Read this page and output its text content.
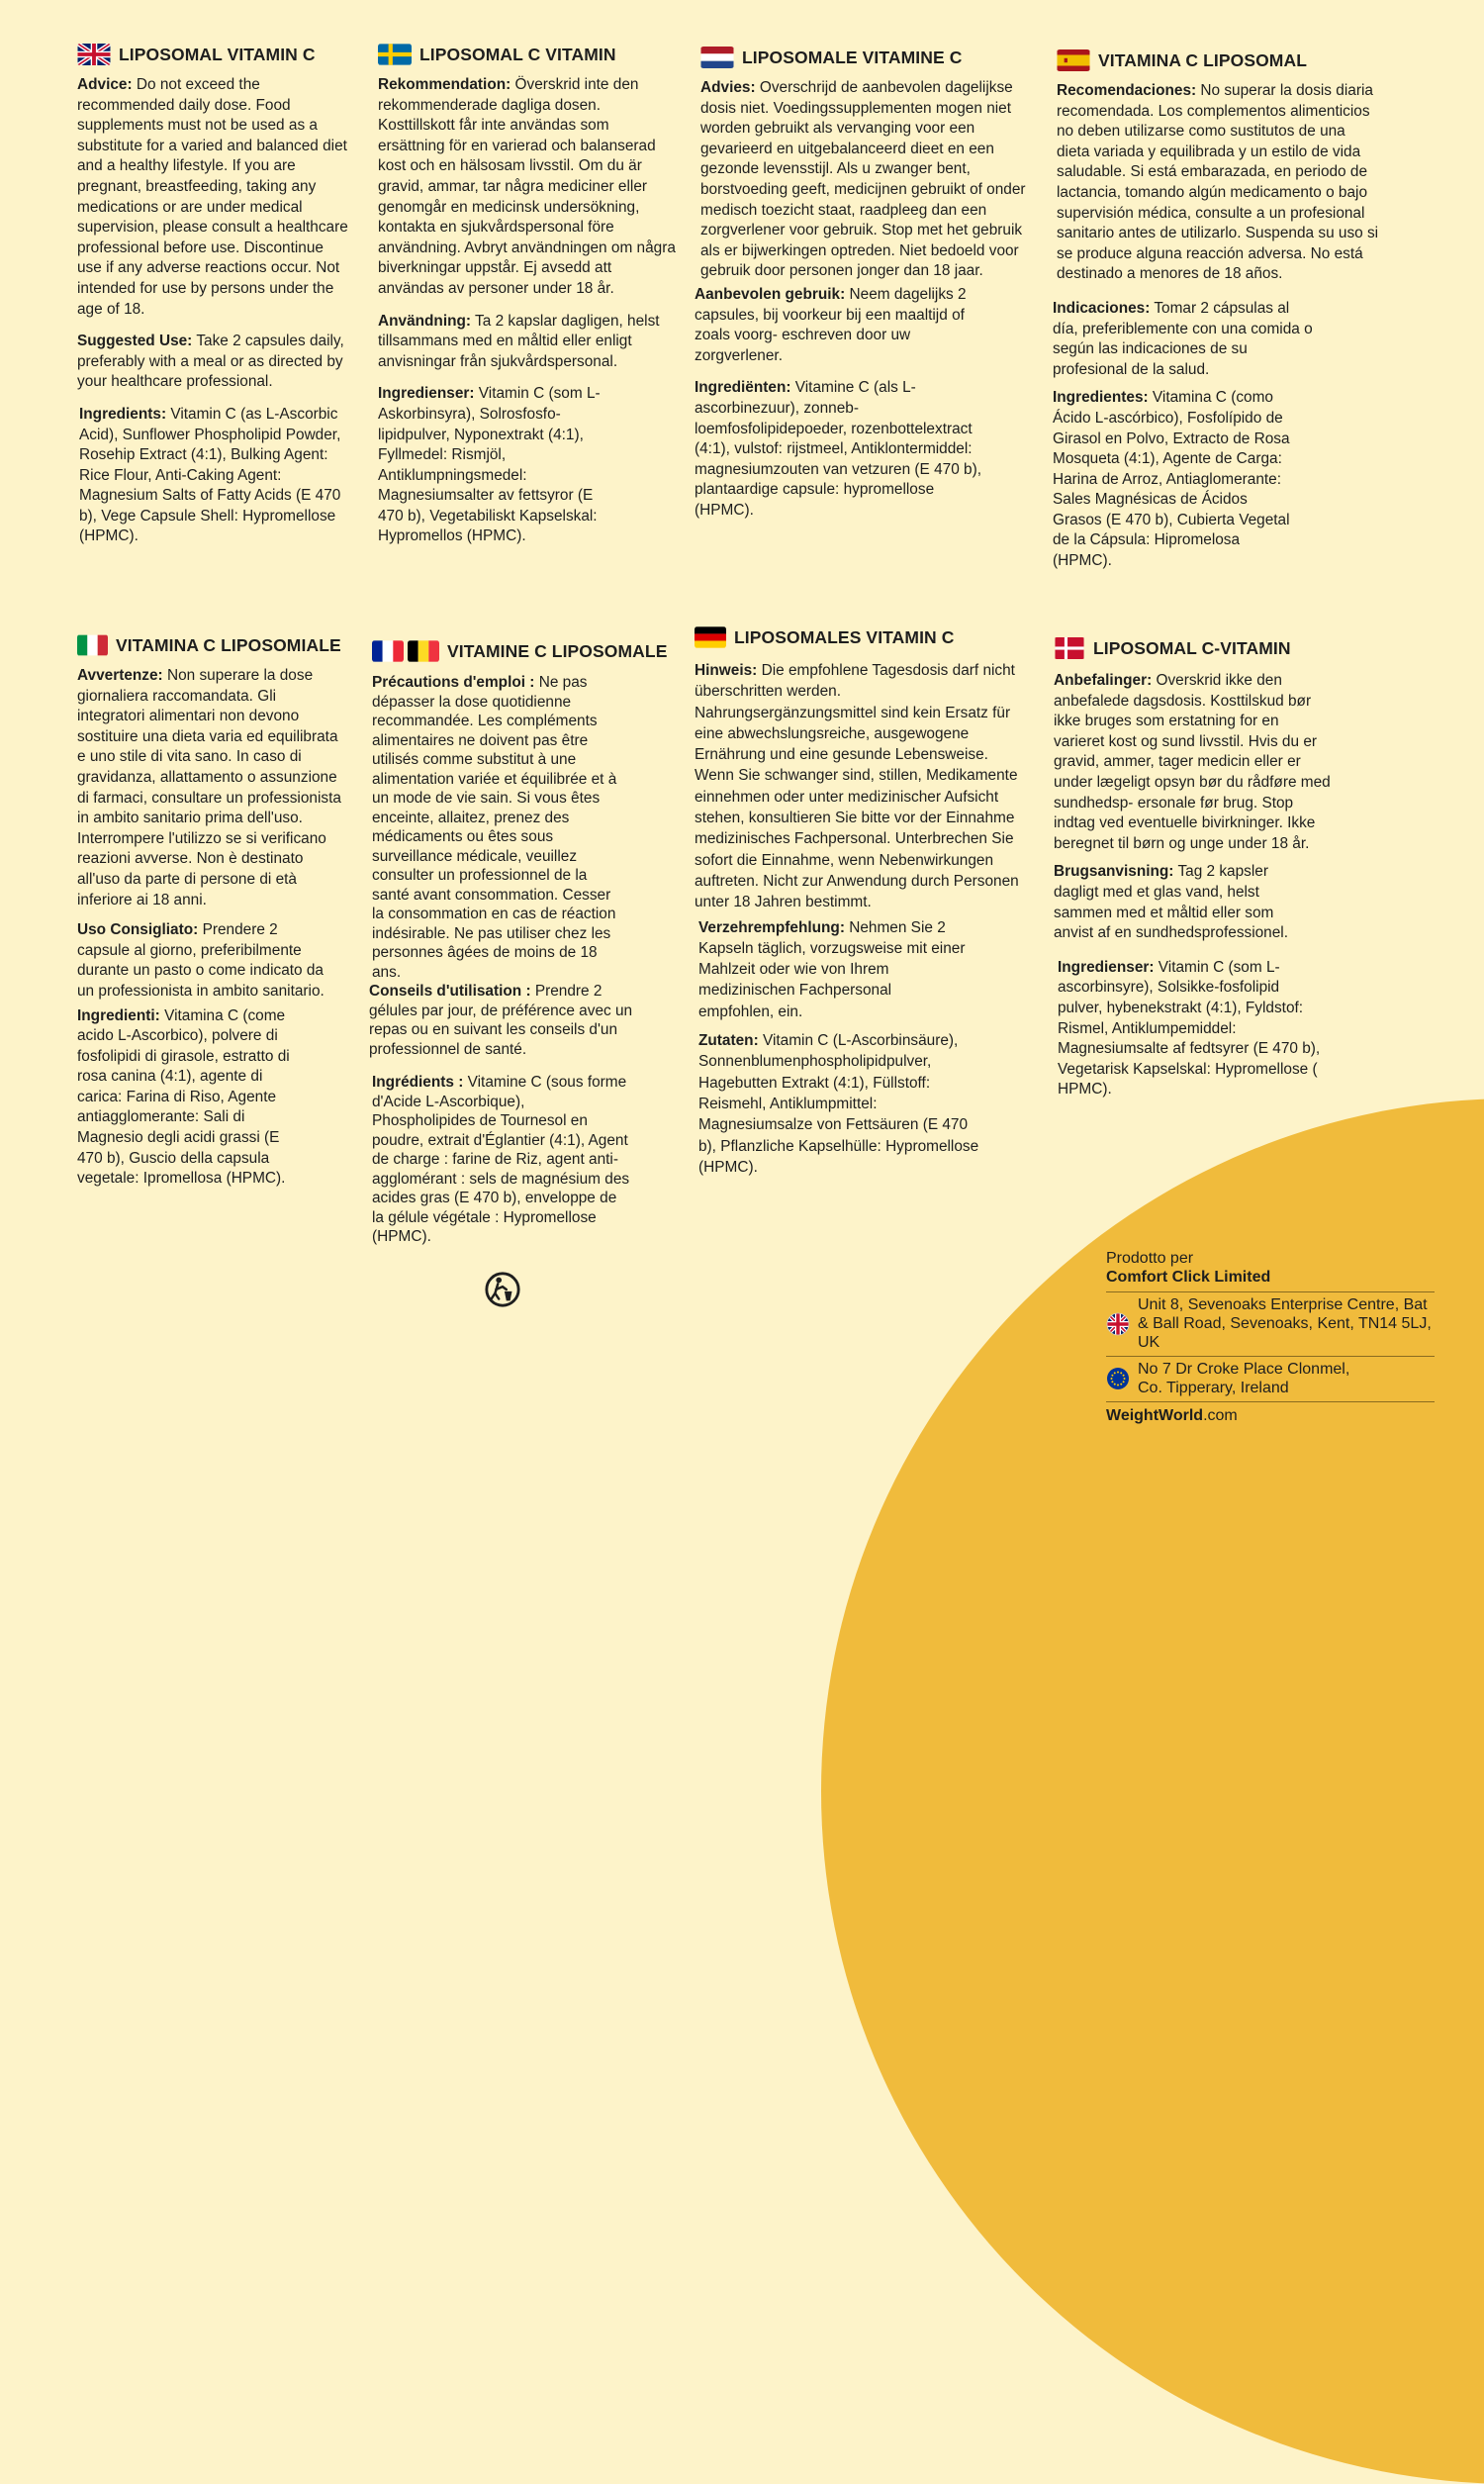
LIPOSOMAL VITAMIN C

Advice: Do not exceed the recommended daily dose. Food supplements must not be used as a substitute for a varied and balanced diet and a healthy lifestyle. If you are pregnant, breastfeeding, taking any medications or are under medical supervision, please consult a healthcare professional before use. Discontinue use if any adverse reactions occur. Not intended for use by persons under the age of 18.

Suggested Use: Take 2 capsules daily, preferably with a meal or as directed by your healthcare professional.

Ingredients: Vitamin C (as L-Ascorbic Acid), Sunflower Phospholipid Powder, Rosehip Extract (4:1), Bulking Agent: Rice Flour, Anti-Caking Agent: Magnesium Salts of Fatty Acids (E 470 b), Vege Capsule Shell: Hypromellose (HPMC).

LIPOSOMAL C VITAMIN

Rekommendation: Överskrid inte den rekommenderade dagliga dosen. Kosttillskott får inte användas som ersättning för en varierad och balanserad kost och en hälsosam livsstil. Om du är gravid, ammar, tar några mediciner eller genomgår en medicinsk undersökning, kontakta en sjukvårdspersonal före användning. Avbryt användningen om några biverkningar uppstår. Ej avsedd att användas av personer under 18 år.

Användning: Ta 2 kapslar dagligen, helst tillsammans med en måltid eller enligt anvisningar från sjukvårdspersonal.

Ingredienser: Vitamin C (som L-Askorbinsyra), Solrosfosfo-lipidpulver, Nyponextrakt (4:1), Fyllmedel: Rismjöl, Antiklumpningsmedel: Magnesiumsalter av fettsyror (E 470 b), Vegetabiliskt Kapselskal: Hypromellos (HPMC).

LIPOSOMALE VITAMINE C

Advies: Overschrijd de aanbevolen dagelijkse dosis niet. Voedingssupplementen mogen niet worden gebruikt als vervanging voor een gevarieerd en uitgebalanceerd dieet en een gezonde levensstijl. Als u zwanger bent, borstvoeding geeft, medicijnen gebruikt of onder medisch toezicht staat, raadpleeg dan een zorgverlener voor gebruik. Stop met het gebruik als er bijwerkingen optreden. Niet bedoeld voor gebruik door personen jonger dan 18 jaar.

Aanbevolen gebruik: Neem dagelijks 2 capsules, bij voorkeur bij een maaltijd of zoals voorg- eschreven door uw zorgverlener.

Ingrediënten: Vitamine C (als L-ascorbinezuur), zonneb-loemfosfolipidepoeder, rozenbottelextract (4:1), vulstof: rijstmeel, Antiklontermiddel: magnesiumzouten van vetzuren (E 470 b), plantaardige capsule: hypromellose (HPMC).

VITAMINA C LIPOSOMAL

Recomendaciones: No superar la dosis diaria recomendada. Los complementos alimenticios no deben utilizarse como sustitutos de una dieta variada y equilibrada y un estilo de vida saludable. Si está embarazada, en periodo de lactancia, tomando algún medicamento o bajo supervisión médica, consulte a un profesional sanitario antes de utilizarlo. Suspenda su uso si se produce alguna reacción adversa. No está destinado a menores de 18 años.

Indicaciones: Tomar 2 cápsulas al día, preferiblemente con una comida o según las indicaciones de su profesional de la salud.

Ingredientes: Vitamina C (como Ácido L-ascórbico), Fosfolípido de Girasol en Polvo, Extracto de Rosa Mosqueta (4:1), Agente de Carga: Harina de Arroz, Antiaglomerante: Sales Magnésicas de Ácidos Grasos (E 470 b), Cubierta Vegetal de la Cápsula: Hipromelosa (HPMC).

VITAMINA C LIPOSOMIALE

Avvertenze: Non superare la dose giornaliera raccomandata. Gli integratori alimentari non devono sostituire una dieta varia ed equilibrata e uno stile di vita sano. In caso di gravidanza, allattamento o assunzione di farmaci, consultare un professionista in ambito sanitario prima dell'uso. Interrompere l'utilizzo se si verificano reazioni avverse. Non è destinato all'uso da parte di persone di età inferiore ai 18 anni.

Uso Consigliato: Prendere 2 capsule al giorno, preferibilmente durante un pasto o come indicato da un professionista in ambito sanitario.

Ingredienti: Vitamina C (come acido L-Ascorbico), polvere di fosfolipidi di girasole, estratto di rosa canina (4:1), agente di carica: Farina di Riso, Agente antiagglomerante: Sali di Magnesio degli acidi grassi (E 470 b), Guscio della capsula vegetale: Ipromellosa (HPMC).

VITAMINE C LIPOSOMALE

Précautions d'emploi : Ne pas dépasser la dose quotidienne recommandée. Les compléments alimentaires ne doivent pas être utilisés comme substitut à une alimentation variée et équilibrée et à un mode de vie sain. Si vous êtes enceinte, allaitez, prenez des médicaments ou êtes sous surveillance médicale, veuillez consulter un professionnel de la santé avant consommation. Cesser la consommation en cas de réaction indésirable. Ne pas utiliser chez les personnes âgées de moins de 18 ans.

Conseils d'utilisation : Prendre 2 gélules par jour, de préférence avec un repas ou en suivant les conseils d'un professionnel de santé.

Ingrédients : Vitamine C (sous forme d'Acide L-Ascorbique), Phospholipides de Tournesol en poudre, extrait d'Églantier (4:1), Agent de charge : farine de Riz, agent anti-agglomérant : sels de magnésium des acides gras (E 470 b), enveloppe de la gélule végétale : Hypromellose (HPMC).

LIPOSOMALES VITAMIN C

Hinweis: Die empfohlene Tagesdosis darf nicht überschritten werden. Nahrungsergänzungsmittel sind kein Ersatz für eine abwechslungsreiche, ausgewogene Ernährung und eine gesunde Lebensweise. Wenn Sie schwanger sind, stillen, Medikamente einnehmen oder unter medizinischer Aufsicht stehen, konsultieren Sie bitte vor der Einnahme medizinisches Fachpersonal. Unterbrechen Sie sofort die Einnahme, wenn Nebenwirkungen auftreten. Nicht zur Anwendung durch Personen unter 18 Jahren bestimmt.

Verzehrempfehlung: Nehmen Sie 2 Kapseln täglich, vorzugsweise mit einer Mahlzeit oder wie von Ihrem medizinischen Fachpersonal empfohlen, ein.

Zutaten: Vitamin C (L-Ascorbinsäure), Sonnenblumenphospholipidpulver, Hagebutten Extrakt (4:1), Füllstoff: Reismehl, Antiklumpmittel: Magnesiumsalze von Fettsäuren (E 470 b), Pflanzliche Kapselhülle: Hypromellose (HPMC).

LIPOSOMAL C-VITAMIN

Anbefalinger: Overskrid ikke den anbefalede dagsdosis. Kosttilskud bør ikke bruges som erstatning for en varieret kost og sund livsstil. Hvis du er gravid, ammer, tager medicin eller er under lægeligt opsyn bør du rådføre med sundhedsp- ersonale før brug. Stop indtag ved eventuelle bivirkninger. Ikke beregnet til børn og unge under 18 år.

Brugsanvisning: Tag 2 kapsler dagligt med et glas vand, helst sammen med et måltid eller som anvist af en sundhedsprofessionel.

Ingredienser: Vitamin C (som L-ascorbinsyre), Solsikke-fosfolipid pulver, hybenekstrakt (4:1), Fyldstof: Rismel, Antiklumpemiddel: Magnesiumsalte af fedtsyrer (E 470 b), Vegetarisk Kapselskal: Hypromellose ( HPMC).

Prodotto per
Comfort Click Limited
Unit 8, Sevenoaks Enterprise Centre, Bat & Ball Road, Sevenoaks, Kent, TN14 5LJ, UK
No 7 Dr Croke Place Clonmel, Co. Tipperary, Ireland
WeightWorld.com
